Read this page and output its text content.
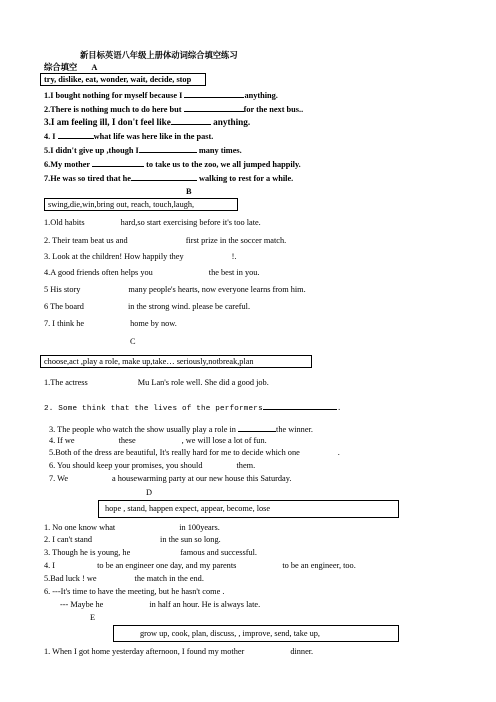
新目标英语八年级上册体动词综合填空练习
综合填空 A
try, dislike, eat, wonder, wait, decide, stop
1.I bought nothing for myself because I	anything.
2.There is nothing much to do here but	for the next bus..
3.I am feeling ill, I don't feel like	anything.
4. I	what life was here like in the past.
5.I didn't give up ,though I	many times.
6.My mother	to take us to the zoo, we all jumped happily.
7.He was so tired that he	walking to rest for a while.
B
swing,die,win,bring out, reach, touch,laugh,
1.Old habits	hard,so start exercising before it's too late.
2. Their team beat us and	first prize in the soccer match.
3. Look at the children! How happily they	!.
4.A good friends often helps you	the best in you.
5 His story	many people's hearts, now everyone learns from him.
6 The board	in the strong wind. please be careful.
7. I think he	home by now.
C
choose,act ,play a role, make up,take… seriously,notbreak,plan
1.The actress	Mu Lan's role well. She did a good job.
2. Some think that the lives of the performers	.
3. The people who watch the show usually play a role in	the winner.
4. If we	these	, we will lose a lot of fun.
5.Both of the dress are beautiful, It's really hard for me to decide which one	.
6. You should keep your promises, you should	them.
7. We	a housewarming party at our new house this Saturday.
D
hope , stand, happen expect, appear, become, lose
1. No one know what	in 100years.
2. I can't stand	in the sun so long.
3. Though he is young, he	famous and successful.
4. I	to be an engineer one day, and my parents	to be an engineer, too.
5.Bad luck ! we	the match in the end.
6. ---It's time to have the meeting, but he hasn't come .
--- Maybe he	in half an hour. He is always late.
E
grow up, cook, plan, discuss, , improve, send, take up,
1. When I got home yesterday afternoon, I found my mother	dinner.
